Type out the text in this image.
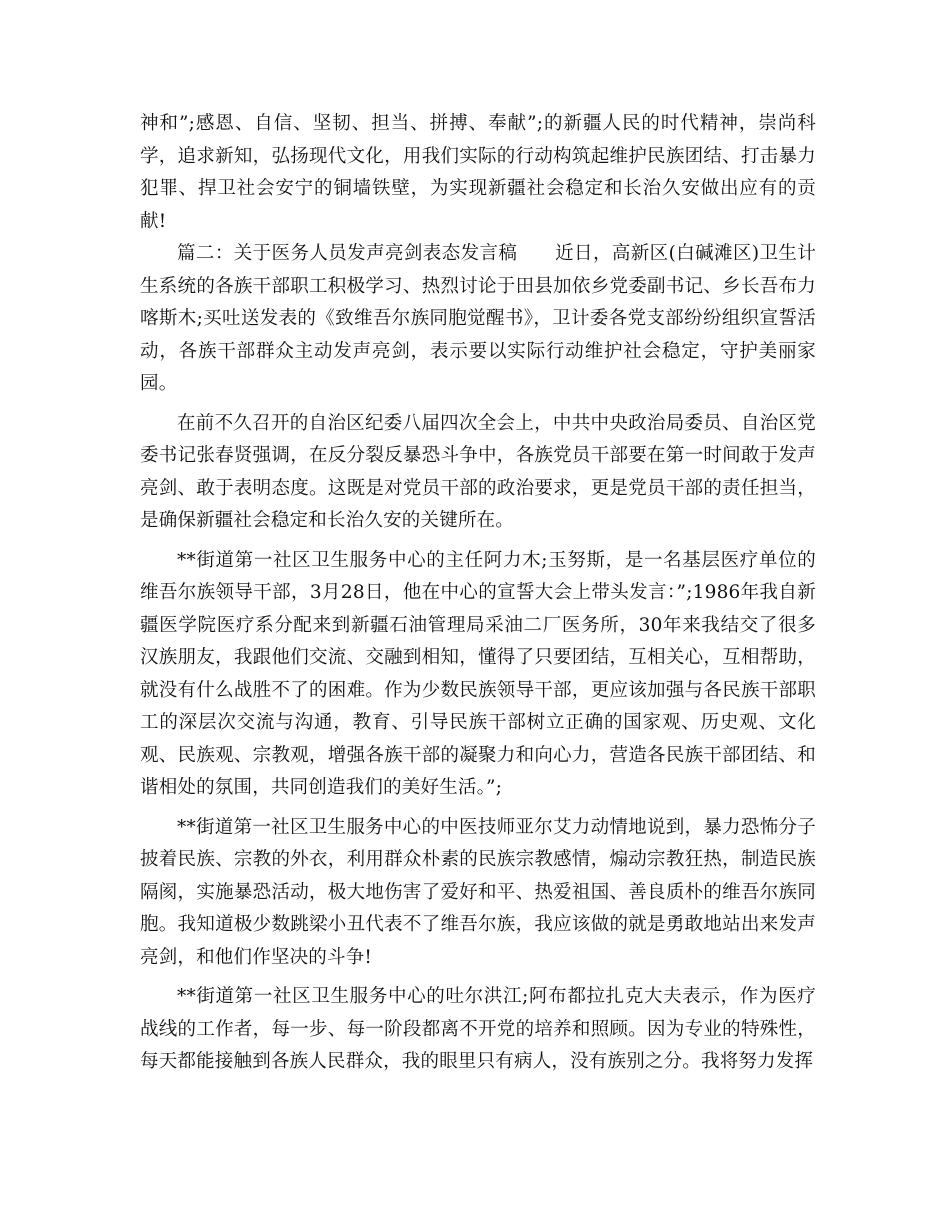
神和”;感恩、自信、坚韧、担当、拼搏、奉献”;的新疆人民的时代精神，崇尚科学，追求新知，弘扬现代文化，用我们实际的行动构筑起维护民族团结、打击暴力犯罪、捍卫社会安宁的铜墙铁壁，为实现新疆社会稳定和长治久安做出应有的贡献!

篇二：关于医务人员发声亮剑表态发言稿　　近日，高新区(白碱滩区)卫生计生系统的各族干部职工积极学习、热烈讨论于田县加依乡党委副书记、乡长吾布力喀斯木;买吐送发表的《致维吾尔族同胞觉醒书》，卫计委各党支部纷纷组织宣誓活动，各族干部群众主动发声亮剑，表示要以实际行动维护社会稳定，守护美丽家园。

在前不久召开的自治区纪委八届四次全会上，中共中央政治局委员、自治区党委书记张春贤强调，在反分裂反暴恐斗争中，各族党员干部要在第一时间敢于发声亮剑、敢于表明态度。这既是对党员干部的政治要求，更是党员干部的责任担当，是确保新疆社会稳定和长治久安的关键所在。

**街道第一社区卫生服务中心的主任阿力木;玉努斯，是一名基层医疗单位的维吾尔族领导干部，3月28日，他在中心的宣誓大会上带头发言：”;1986年我自新疆医学院医疗系分配来到新疆石油管理局采油二厂医务所，30年来我结交了很多汉族朋友，我跟他们交流、交融到相知，懂得了只要团结，互相关心，互相帮助，就没有什么战胜不了的困难。作为少数民族领导干部，更应该加强与各民族干部职工的深层次交流与沟通，教育、引导民族干部树立正确的国家观、历史观、文化观、民族观、宗教观，增强各族干部的凝聚力和向心力，营造各民族干部团结、和谐相处的氛围，共同创造我们的美好生活。”;

**街道第一社区卫生服务中心的中医技师亚尔艾力动情地说到，暴力恐怖分子披着民族、宗教的外衣，利用群众朴素的民族宗教感情，煽动宗教狂热，制造民族隔阂，实施暴恐活动，极大地伤害了爱好和平、热爱祖国、善良质朴的维吾尔族同胞。我知道极少数跳梁小丑代表不了维吾尔族，我应该做的就是勇敢地站出来发声亮剑，和他们作坚决的斗争!

**街道第一社区卫生服务中心的吐尔洪江;阿布都拉扎克大夫表示，作为医疗战线的工作者，每一步、每一阶段都离不开党的培养和照顾。因为专业的特殊性，每天都能接触到各族人民群众，我的眼里只有病人，没有族别之分。我将努力发挥
